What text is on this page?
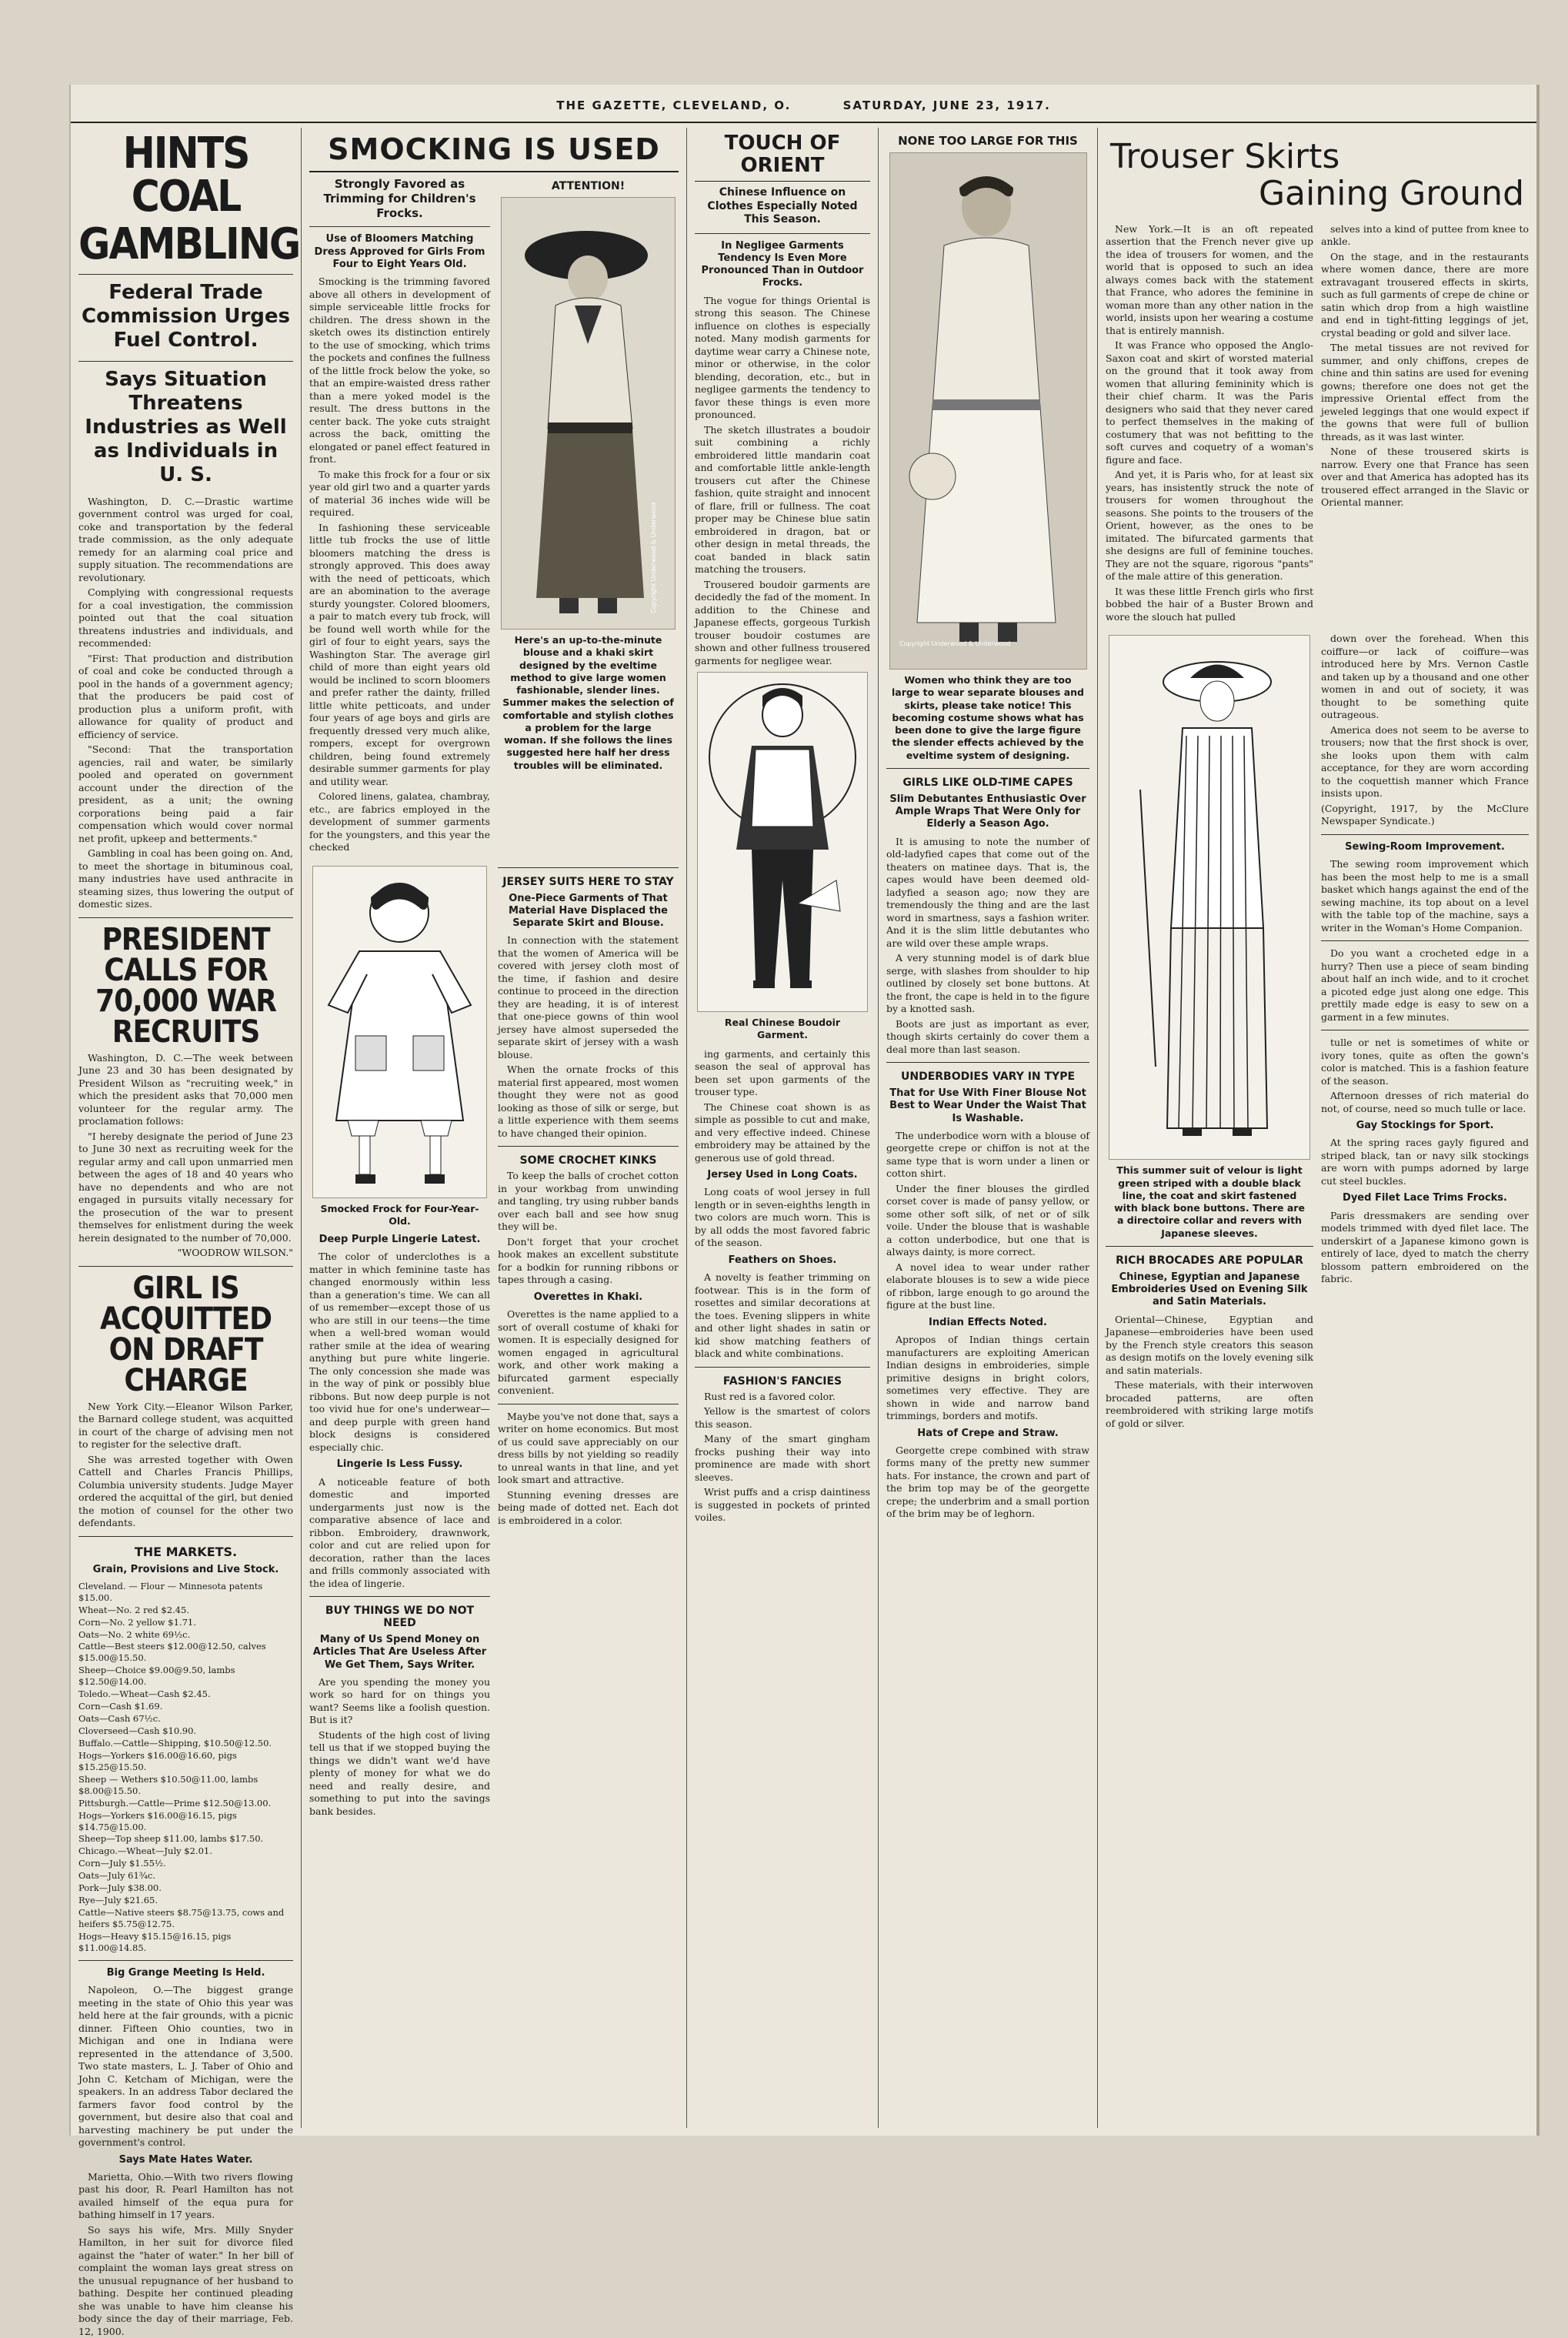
THE GAZETTE, CLEVELAND, O.	SATURDAY, JUNE 23, 1917.
HINTS COAL
GAMBLING
Federal Trade Commission Urges Fuel Control.
Says Situation Threatens Industries as Well as Individuals in U. S.

Washington, D. C.—Drastic wartime government control was urged for coal, coke and transportation by the federal trade commission, as the only adequate remedy for an alarming coal price and supply situation. The recommendations are revolutionary.

Complying with congressional requests for a coal investigation, the commission pointed out that the coal situation threatens industries and individuals, and recommended:

"First: That production and distribution of coal and coke be conducted through a pool in the hands of a government agency; that the producers be paid cost of production plus a uniform profit, with allowance for quality of product and efficiency of service.

"Second: That the transportation agencies, rail and water, be similarly pooled and operated on government account under the direction of the president, as a unit; the owning corporations being paid a fair compensation which would cover normal net profit, upkeep and betterments."

Gambling in coal has been going on. And, to meet the shortage in bituminous coal, many industries have used anthracite in steaming sizes, thus lowering the output of domestic sizes.

PRESIDENT CALLS FOR 70,000 WAR RECRUITS

Washington, D. C.—The week between June 23 and 30 has been designated by President Wilson as "recruiting week," in which the president asks that 70,000 men volunteer for the regular army. The proclamation follows:

"I hereby designate the period of June 23 to June 30 next as recruiting week for the regular army and call upon unmarried men between the ages of 18 and 40 years who have no dependents and who are not engaged in pursuits vitally necessary for the prosecution of the war to present themselves for enlistment during the week herein designated to the number of 70,000.

"WOODROW WILSON."

GIRL IS ACQUITTED ON DRAFT CHARGE

New York City.—Eleanor Wilson Parker, the Barnard college student, was acquitted in court of the charge of advising men not to register for the selective draft.

She was arrested together with Owen Cattell and Charles Francis Phillips, Columbia university students. Judge Mayer ordered the acquittal of the girl, but denied the motion of counsel for the other two defendants.

THE MARKETS.
Grain, Provisions and Live Stock.

Cleveland. — Flour — Minnesota patents $15.00.

Wheat—No. 2 red $2.45.

Corn—No. 2 yellow $1.71.

Oats—No. 2 white 69½c.

Cattle—Best steers $12.00@12.50, calves $15.00@15.50.

Sheep—Choice $9.00@9.50, lambs $12.50@14.00.

Toledo.—Wheat—Cash $2.45.

Corn—Cash $1.69.

Oats—Cash 67½c.

Cloverseed—Cash $10.90.

Buffalo.—Cattle—Shipping, $10.50@12.50.

Hogs—Yorkers $16.00@16.60, pigs $15.25@15.50.

Sheep — Wethers $10.50@11.00, lambs $8.00@15.50.

Pittsburgh.—Cattle—Prime $12.50@13.00.

Hogs—Yorkers $16.00@16.15, pigs $14.75@15.00.

Sheep—Top sheep $11.00, lambs $17.50.

Chicago.—Wheat—July $2.01.

Corn—July $1.55½.

Oats—July 61¾c.

Pork—July $38.00.

Rye—July $21.65.

Cattle—Native steers $8.75@13.75, cows and heifers $5.75@12.75.

Hogs—Heavy $15.15@16.15, pigs $11.00@14.85.

Big Grange Meeting Is Held.

Napoleon, O.—The biggest grange meeting in the state of Ohio this year was held here at the fair grounds, with a picnic dinner. Fifteen Ohio counties, two in Michigan and one in Indiana were represented in the attendance of 3,500. Two state masters, L. J. Taber of Ohio and John C. Ketcham of Michigan, were the speakers. In an address Tabor declared the farmers favor food control by the government, but desire also that coal and harvesting machinery be put under the government's control.

Says Mate Hates Water.

Marietta, Ohio.—With two rivers flowing past his door, R. Pearl Hamilton has not availed himself of the equa pura for bathing himself in 17 years.

So says his wife, Mrs. Milly Snyder Hamilton, in her suit for divorce filed against the "hater of water." In her bill of complaint the woman lays great stress on the unusual repugnance of her husband to bathing. Despite her continued pleading she was unable to have him cleanse his body since the day of their marriage, Feb. 12, 1900.

SMOCKING IS USED
Strongly Favored as Trimming for Children's Frocks.
Use of Bloomers Matching Dress Approved for Girls From Four to Eight Years Old.

Smocking is the trimming favored above all others in development of simple serviceable little frocks for children. The dress shown in the sketch owes its distinction entirely to the use of smocking, which trims the pockets and confines the fullness of the little frock below the yoke, so that an empire-waisted dress rather than a mere yoked model is the result. The dress buttons in the center back. The yoke cuts straight across the back, omitting the elongated or panel effect featured in front.

To make this frock for a four or six year old girl two and a quarter yards of material 36 inches wide will be required.

In fashioning these serviceable little tub frocks the use of little bloomers matching the dress is strongly approved. This does away with the need of petticoats, which are an abomination to the average sturdy youngster. Colored bloomers, a pair to match every tub frock, will be found well worth while for the girl of four to eight years, says the Washington Star. The average girl child of more than eight years old would be inclined to scorn bloomers and prefer rather the dainty, frilled little white petticoats, and under four years of age boys and girls are frequently dressed very much alike, rompers, except for overgrown children, being found extremely desirable summer garments for play and utility wear.

Colored linens, galatea, chambray, etc., are fabrics employed in the development of summer garments for the youngsters, and this year the checked

ATTENTION!
Copyright Underwood & Underwood
Here's an up-to-the-minute blouse and a khaki skirt designed by the eveltime method to give large women fashionable, slender lines. Summer makes the selection of comfortable and stylish clothes a problem for the large woman. If she follows the lines suggested here half her dress troubles will be eliminated.
Smocked Frock for Four-Year-Old.
Deep Purple Lingerie Latest.

The color of underclothes is a matter in which feminine taste has changed enormously within less than a generation's time. We can all of us remember—except those of us who are still in our teens—the time when a well-bred woman would rather smile at the idea of wearing anything but pure white lingerie. The only concession she made was in the way of pink or possibly blue ribbons. But now deep purple is not too vivid hue for one's underwear—and deep purple with green hand block designs is considered especially chic.

Lingerie Is Less Fussy.

A noticeable feature of both domestic and imported undergarments just now is the comparative absence of lace and ribbon. Embroidery, drawnwork, color and cut are relied upon for decoration, rather than the laces and frills commonly associated with the idea of lingerie.

BUY THINGS WE DO NOT NEED
Many of Us Spend Money on Articles That Are Useless After We Get Them, Says Writer.

Are you spending the money you work so hard for on things you want? Seems like a foolish question. But is it?

Students of the high cost of living tell us that if we stopped buying the things we didn't want we'd have plenty of money for what we do need and really desire, and something to put into the savings bank besides.

JERSEY SUITS HERE TO STAY
One-Piece Garments of That Material Have Displaced the Separate Skirt and Blouse.

In connection with the statement that the women of America will be covered with jersey cloth most of the time, if fashion and desire continue to proceed in the direction they are heading, it is of interest that one-piece gowns of thin wool jersey have almost superseded the separate skirt of jersey with a wash blouse.

When the ornate frocks of this material first appeared, most women thought they were not as good looking as those of silk or serge, but a little experience with them seems to have changed their opinion.

SOME CROCHET KINKS

To keep the balls of crochet cotton in your workbag from unwinding and tangling, try using rubber bands over each ball and see how snug they will be.

Don't forget that your crochet hook makes an excellent substitute for a bodkin for running ribbons or tapes through a casing.

Overettes in Khaki.

Overettes is the name applied to a sort of overall costume of khaki for women. It is especially designed for women engaged in agricultural work, and other work making a bifurcated garment especially convenient.

Maybe you've not done that, says a writer on home economics. But most of us could save appreciably on our dress bills by not yielding so readily to unreal wants in that line, and yet look smart and attractive.

Stunning evening dresses are being made of dotted net. Each dot is embroidered in a color.

TOUCH OF ORIENT
Chinese Influence on Clothes Especially Noted This Season.
In Negligee Garments Tendency Is Even More Pronounced Than in Outdoor Frocks.

The vogue for things Oriental is strong this season. The Chinese influence on clothes is especially noted. Many modish garments for daytime wear carry a Chinese note, minor or otherwise, in the color blending, decoration, etc., but in negligee garments the tendency to favor these things is even more pronounced.

The sketch illustrates a boudoir suit combining a richly embroidered little mandarin coat and comfortable little ankle-length trousers cut after the Chinese fashion, quite straight and innocent of flare, frill or fullness. The coat proper may be Chinese blue satin embroidered in dragon, bat or other design in metal threads, the coat banded in black satin matching the trousers.

Trousered boudoir garments are decidedly the fad of the moment. In addition to the Chinese and Japanese effects, gorgeous Turkish trouser boudoir costumes are shown and other fullness trousered garments for negligee wear.

Real Chinese Boudoir Garment.

ing garments, and certainly this season the seal of approval has been set upon garments of the trouser type.

The Chinese coat shown is as simple as possible to cut and make, and very effective indeed. Chinese embroidery may be attained by the generous use of gold thread.

Jersey Used in Long Coats.

Long coats of wool jersey in full length or in seven-eighths length in two colors are much worn. This is by all odds the most favored fabric of the season.

Feathers on Shoes.

A novelty is feather trimming on footwear. This is in the form of rosettes and similar decorations at the toes. Evening slippers in white and other light shades in satin or kid show matching feathers of black and white combinations.

FASHION'S FANCIES

Rust red is a favored color.

Yellow is the smartest of colors this season.

Many of the smart gingham frocks pushing their way into prominence are made with short sleeves.

Wrist puffs and a crisp daintiness is suggested in pockets of printed voiles.

NONE TOO LARGE FOR THIS
Copyright Underwood & Underwood
Women who think they are too large to wear separate blouses and skirts, please take notice! This becoming costume shows what has been done to give the large figure the slender effects achieved by the eveltime system of designing.
GIRLS LIKE OLD-TIME CAPES
Slim Debutantes Enthusiastic Over Ample Wraps That Were Only for Elderly a Season Ago.

It is amusing to note the number of old-ladyfied capes that come out of the theaters on matinee days. That is, the capes would have been deemed old-ladyfied a season ago; now they are tremendously the thing and are the last word in smartness, says a fashion writer. And it is the slim little debutantes who are wild over these ample wraps.

A very stunning model is of dark blue serge, with slashes from shoulder to hip outlined by closely set bone buttons. At the front, the cape is held in to the figure by a knotted sash.

Boots are just as important as ever, though skirts certainly do cover them a deal more than last season.

UNDERBODIES VARY IN TYPE
That for Use With Finer Blouse Not Best to Wear Under the Waist That Is Washable.

The underbodice worn with a blouse of georgette crepe or chiffon is not at the same type that is worn under a linen or cotton shirt.

Under the finer blouses the girdled corset cover is made of pansy yellow, or some other soft silk, of net or of silk voile. Under the blouse that is washable a cotton underbodice, but one that is always dainty, is more correct.

A novel idea to wear under rather elaborate blouses is to sew a wide piece of ribbon, large enough to go around the figure at the bust line.

Indian Effects Noted.

Apropos of Indian things certain manufacturers are exploiting American Indian designs in embroideries, simple primitive designs in bright colors, sometimes very effective. They are shown in wide and narrow band trimmings, borders and motifs.

Hats of Crepe and Straw.

Georgette crepe combined with straw forms many of the pretty new summer hats. For instance, the crown and part of the brim top may be of the georgette crepe; the underbrim and a small portion of the brim may be of leghorn.

Trouser Skirts
Gaining Ground

New York.—It is an oft repeated assertion that the French never give up the idea of trousers for women, and the world that is opposed to such an idea always comes back with the statement that France, who adores the feminine in woman more than any other nation in the world, insists upon her wearing a costume that is entirely mannish.

It was France who opposed the Anglo-Saxon coat and skirt of worsted material on the ground that it took away from women that alluring femininity which is their chief charm. It was the Paris designers who said that they never cared to perfect themselves in the making of costumery that was not befitting to the soft curves and coquetry of a woman's figure and face.

And yet, it is Paris who, for at least six years, has insistently struck the note of trousers for women throughout the seasons. She points to the trousers of the Orient, however, as the ones to be imitated. The bifurcated garments that she designs are full of feminine touches. They are not the square, rigorous "pants" of the male attire of this generation.

It was these little French girls who first bobbed the hair of a Buster Brown and wore the slouch hat pulled

selves into a kind of puttee from knee to ankle.

On the stage, and in the restaurants where women dance, there are more extravagant trousered effects in skirts, such as full garments of crepe de chine or satin which drop from a high waistline and end in tight-fitting leggings of jet, crystal beading or gold and silver lace.

The metal tissues are not revived for summer, and only chiffons, crepes de chine and thin satins are used for evening gowns; therefore one does not get the impressive Oriental effect from the jeweled leggings that one would expect if the gowns that were full of bullion threads, as it was last winter.

None of these trousered skirts is narrow. Every one that France has seen over and that America has adopted has its trousered effect arranged in the Slavic or Oriental manner.

This summer suit of velour is light green striped with a double black line, the coat and skirt fastened with black bone buttons. There are a directoire collar and revers with Japanese sleeves.
RICH BROCADES ARE POPULAR
Chinese, Egyptian and Japanese Embroideries Used on Evening Silk and Satin Materials.

Oriental—Chinese, Egyptian and Japanese—embroideries have been used by the French style creators this season as design motifs on the lovely evening silk and satin materials.

These materials, with their interwoven brocaded patterns, are often reembroidered with striking large motifs of gold or silver.

down over the forehead. When this coiffure—or lack of coiffure—was introduced here by Mrs. Vernon Castle and taken up by a thousand and one other women in and out of society, it was thought to be something quite outrageous.

America does not seem to be averse to trousers; now that the first shock is over, she looks upon them with calm acceptance, for they are worn according to the coquettish manner which France insists upon.

(Copyright, 1917, by the McClure Newspaper Syndicate.)

Sewing-Room Improvement.

The sewing room improvement which has been the most help to me is a small basket which hangs against the end of the sewing machine, its top about on a level with the table top of the machine, says a writer in the Woman's Home Companion.

Do you want a crocheted edge in a hurry? Then use a piece of seam binding about half an inch wide, and to it crochet a picoted edge just along one edge. This prettily made edge is easy to sew on a garment in a few minutes.

tulle or net is sometimes of white or ivory tones, quite as often the gown's color is matched. This is a fashion feature of the season.

Afternoon dresses of rich material do not, of course, need so much tulle or lace.

Gay Stockings for Sport.

At the spring races gayly figured and striped black, tan or navy silk stockings are worn with pumps adorned by large cut steel buckles.

Dyed Filet Lace Trims Frocks.

Paris dressmakers are sending over models trimmed with dyed filet lace. The underskirt of a Japanese kimono gown is entirely of lace, dyed to match the cherry blossom pattern embroidered on the fabric.
